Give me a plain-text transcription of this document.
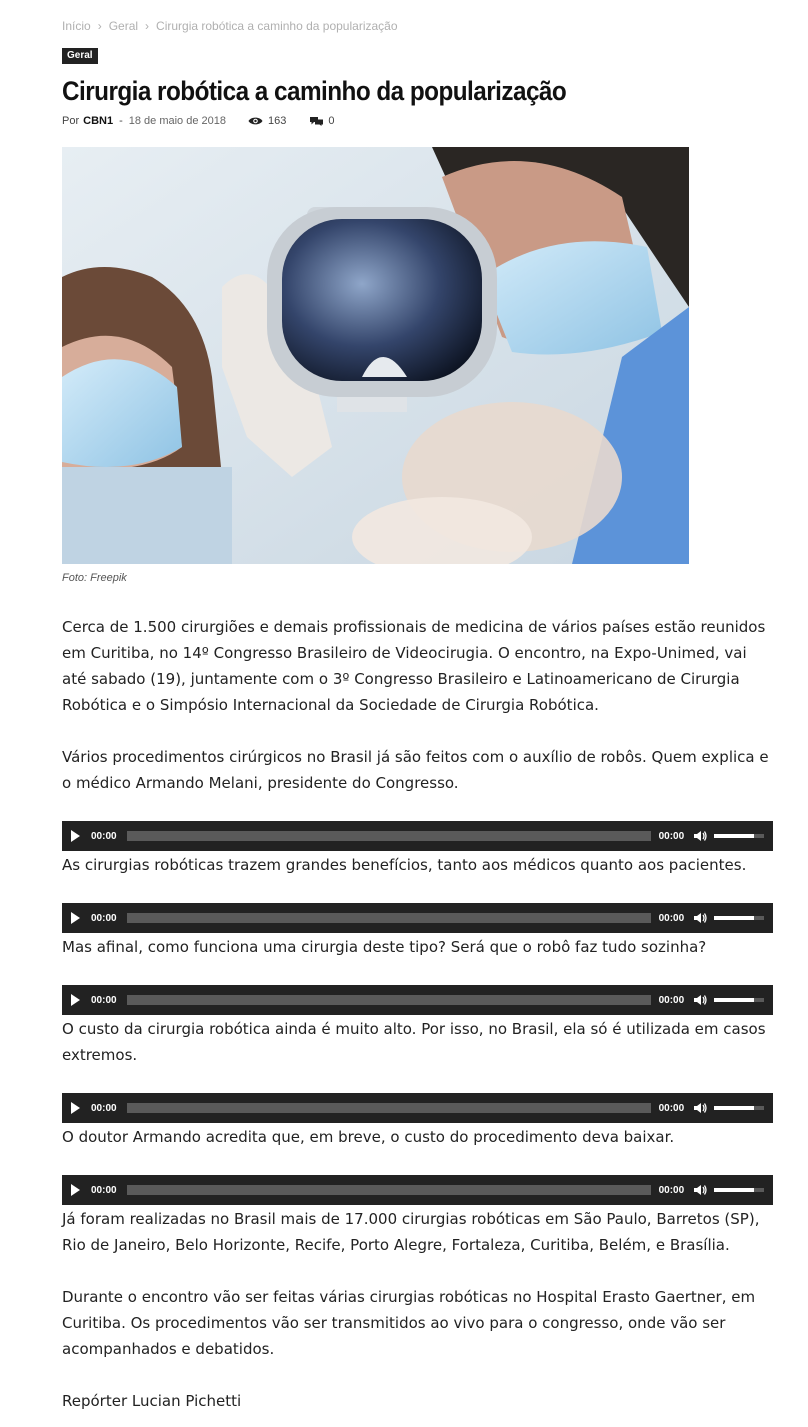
Início › Geral › Cirurgia robótica a caminho da popularização
Geral
Cirurgia robótica a caminho da popularização
Por CBN1 - 18 de maio de 2018	163	0
Foto: Freepik

Cerca de 1.500 cirurgiões e demais profissionais de medicina de vários países estão reunidos em Curitiba, no 14º Congresso Brasileiro de Videocirugia. O encontro, na Expo-Unimed, vai até sabado (19), juntamente com o 3º Congresso Brasileiro e Latinoamericano de Cirurgia Robótica e o Simpósio Internacional da Sociedade de Cirurgia Robótica.

Vários procedimentos cirúrgicos no Brasil já são feitos com o auxílio de robôs. Quem explica e o médico Armando Melani, presidente do Congresso.

00:00	00:00

As cirurgias robóticas trazem grandes benefícios, tanto aos médicos quanto aos pacientes.

00:00	00:00

Mas afinal, como funciona uma cirurgia deste tipo? Será que o robô faz tudo sozinha?

00:00	00:00

O custo da cirurgia robótica ainda é muito alto. Por isso, no Brasil, ela só é utilizada em casos extremos.

00:00	00:00

O doutor Armando acredita que, em breve, o custo do procedimento deva baixar.

00:00	00:00

Já foram realizadas no Brasil mais de 17.000 cirurgias robóticas em São Paulo, Barretos (SP), Rio de Janeiro, Belo Horizonte, Recife, Porto Alegre, Fortaleza, Curitiba, Belém, e Brasília.

Durante o encontro vão ser feitas várias cirurgias robóticas no Hospital Erasto Gaertner, em Curitiba. Os procedimentos vão ser transmitidos ao vivo para o congresso, onde vão ser acompanhados e debatidos.

Repórter Lucian Pichetti
